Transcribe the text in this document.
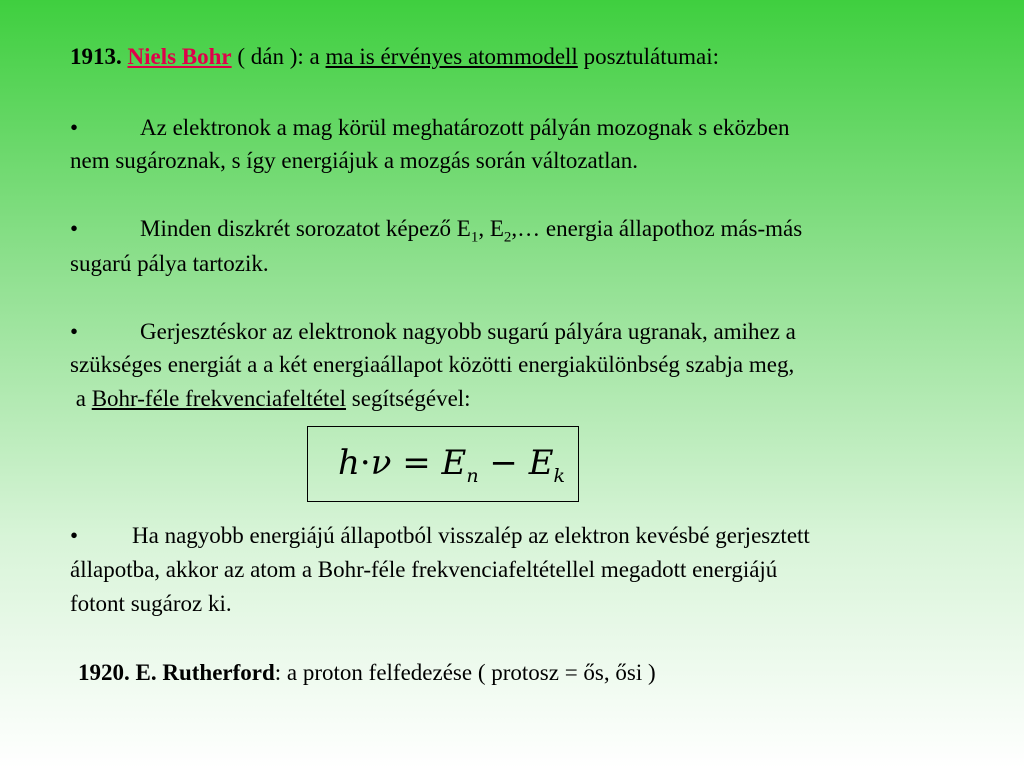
1913. Niels Bohr ( dán ): a ma is érvényes atommodell posztulátumai:
•	Az elektronok a mag körül meghatározott pályán mozognak s eközben
nem sugároznak, s így energiájuk a mozgás során változatlan.
•	Minden diszkrét sorozatot képező $E_1$, $E_2,\dots$ energia állapothoz más-más
sugarú pálya tartozik.
•	Gerjesztéskor az elektronok nagyobb sugarú pályára ugranak, amihez a
szükséges energiát a a két energiaállapot közötti energiakülönbség szabja meg,
a Bohr-féle frekvenciafeltétel segítségével:
$h\cdot\nu = E_n - E_k$
• Ha nagyobb energiájú állapotból visszalép az elektron kevésbé gerjesztett
állapotba, akkor az atom a Bohr-féle frekvenciafeltétellel megadott energiájú
fotont sugároz ki.
1920. E. Rutherford: a proton felfedezése ( protosz = ős, ősi )
